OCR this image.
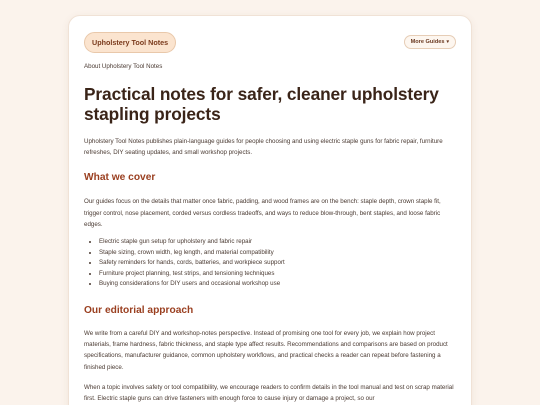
Upholstery Tool Notes	More Guides ▾
About Upholstery Tool Notes
Practical notes for safer, cleaner upholstery stapling projects

Upholstery Tool Notes publishes plain-language guides for people choosing and using electric staple guns for fabric repair, furniture refreshes, DIY seating updates, and small workshop projects.

What we cover

Our guides focus on the details that matter once fabric, padding, and wood frames are on the bench: staple depth, crown staple fit, trigger control, nose placement, corded versus cordless tradeoffs, and ways to reduce blow-through, bent staples, and loose fabric edges.

• Electric staple gun setup for upholstery and fabric repair
• Staple sizing, crown width, leg length, and material compatibility
• Safety reminders for hands, cords, batteries, and workpiece support
• Furniture project planning, test strips, and tensioning techniques
• Buying considerations for DIY users and occasional workshop use
Our editorial approach

We write from a careful DIY and workshop-notes perspective. Instead of promising one tool for every job, we explain how project materials, frame hardness, fabric thickness, and staple type affect results. Recommendations and comparisons are based on product specifications, manufacturer guidance, common upholstery workflows, and practical checks a reader can repeat before fastening a finished piece.

When a topic involves safety or tool compatibility, we encourage readers to confirm details in the tool manual and test on scrap material first. Electric staple guns can drive fasteners with enough force to cause injury or damage a project, so our
